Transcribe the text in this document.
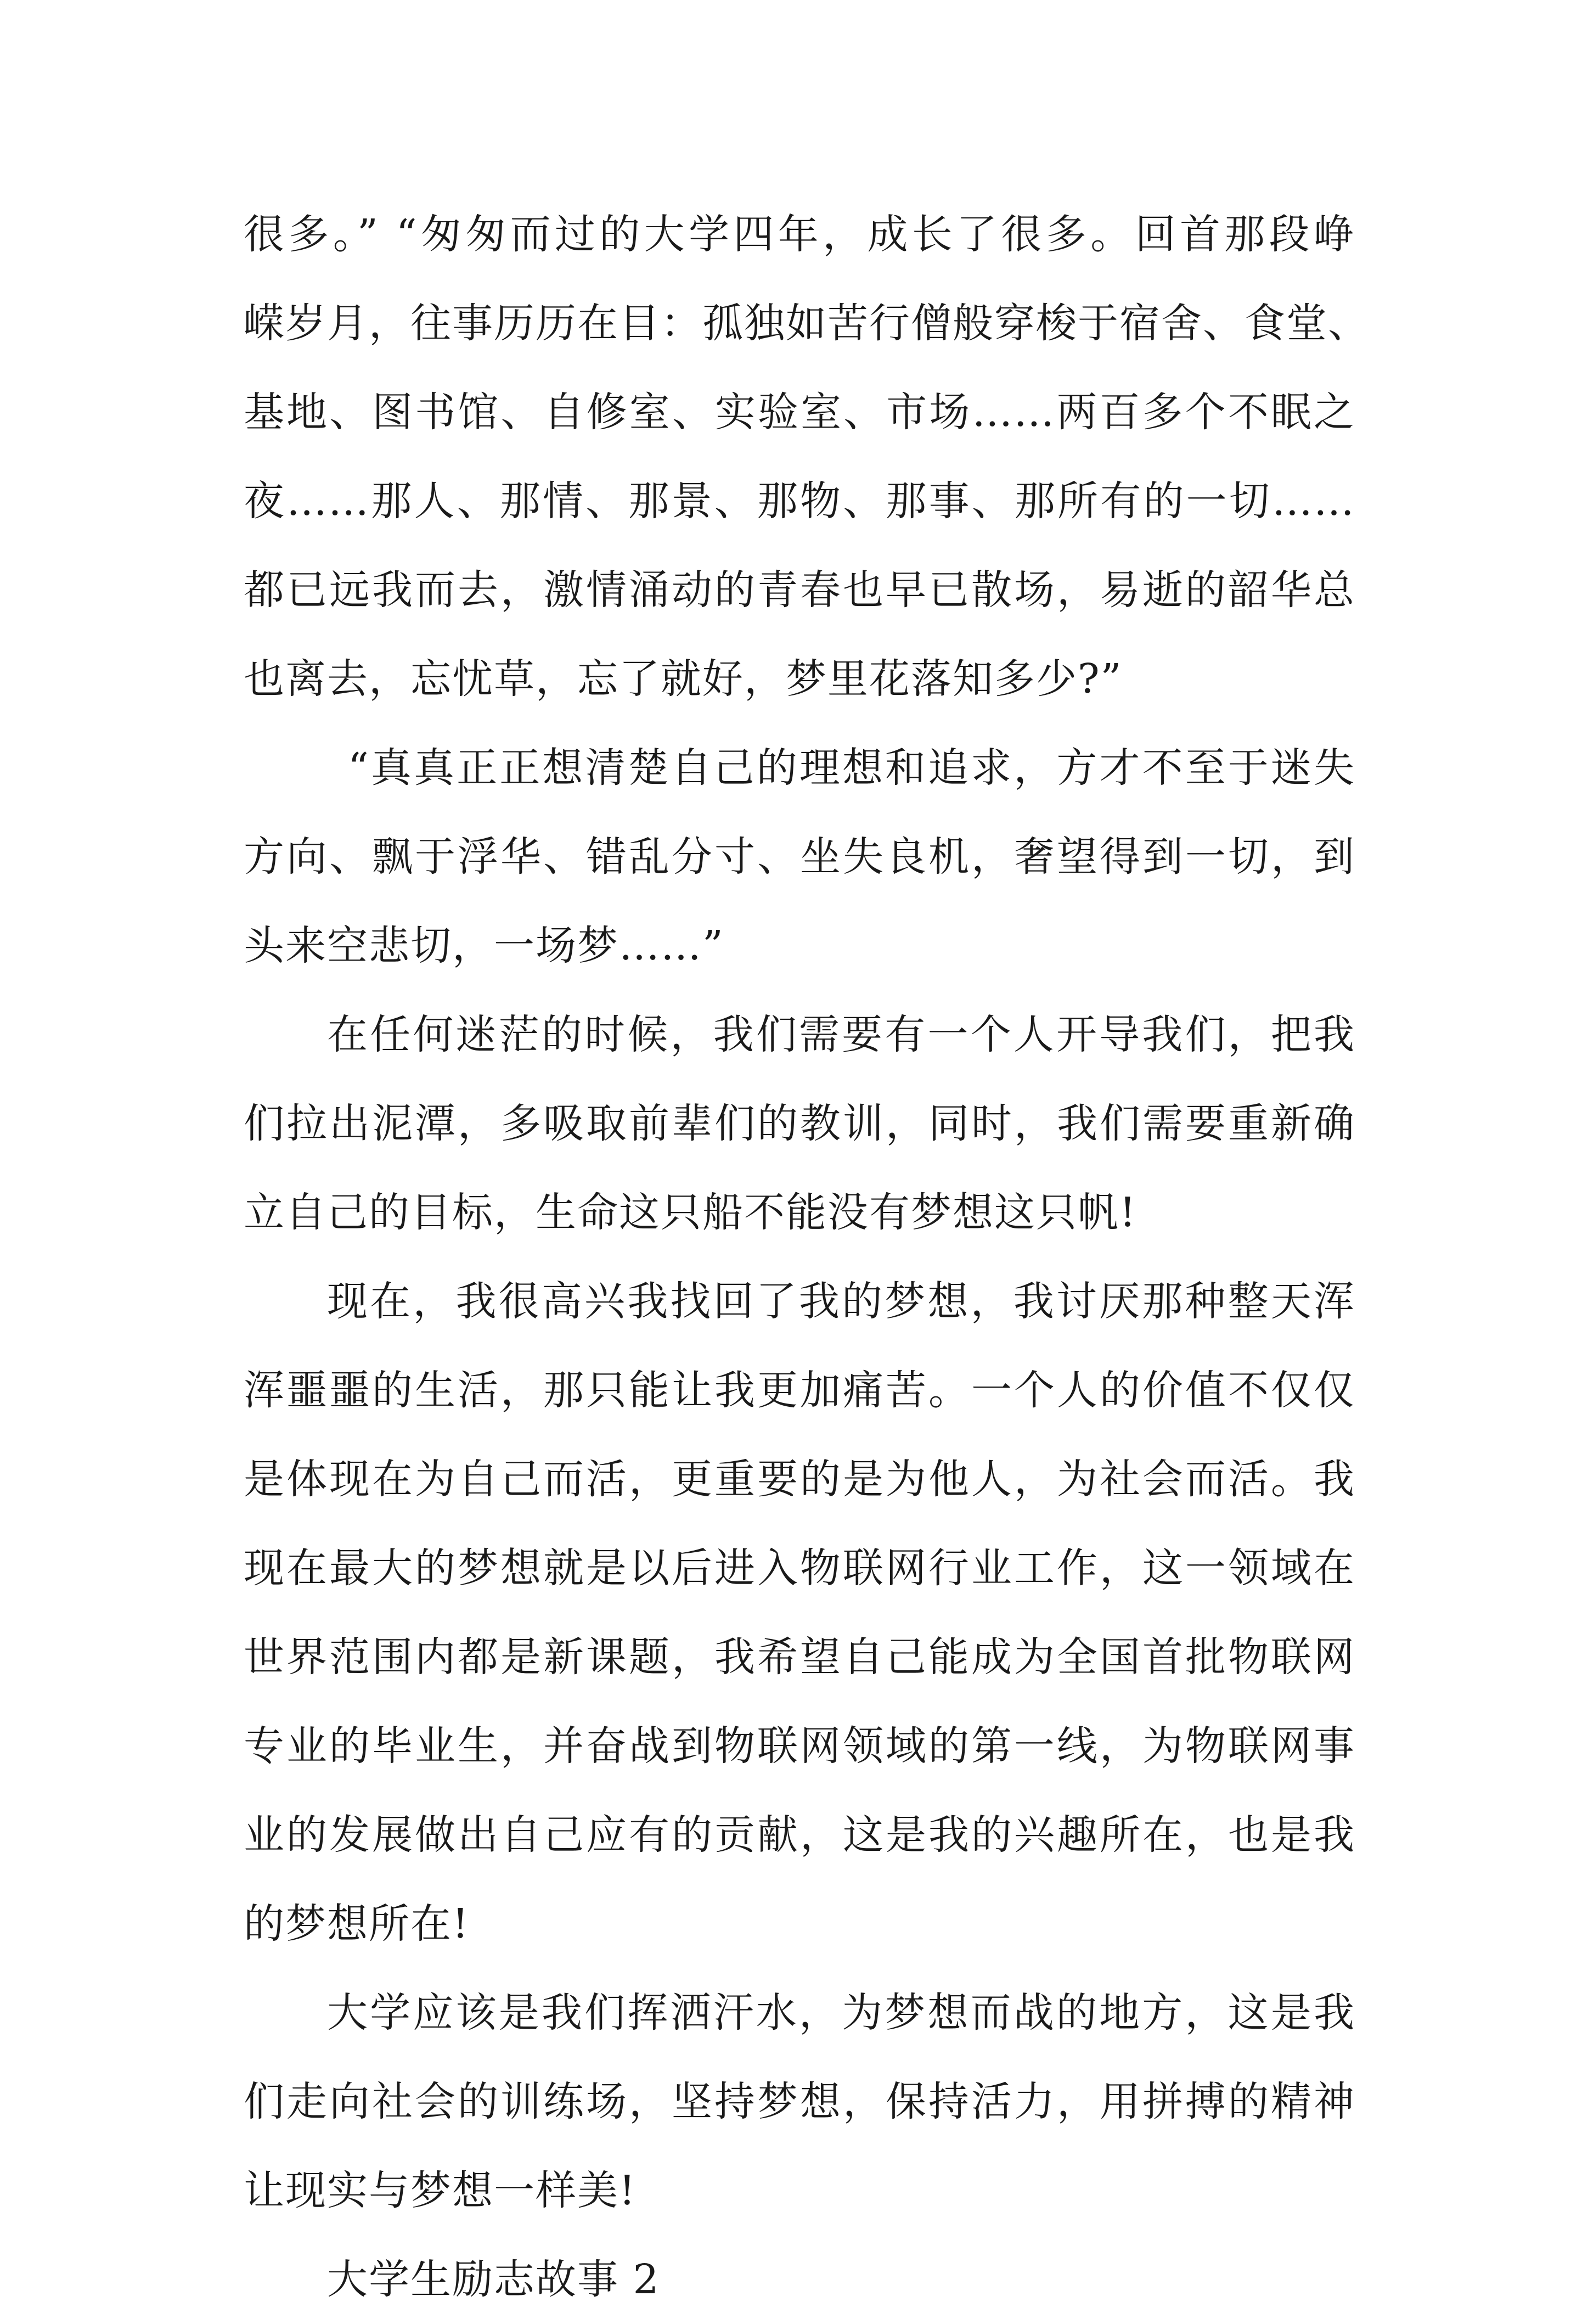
很多。” “匆匆而过的大学四年，成长了很多。回首那段峥
嵘岁月，往事历历在目：孤独如苦行僧般穿梭于宿舍、食堂、
基地、图书馆、自修室、实验室、市场……两百多个不眠之
夜……那人、那情、那景、那物、那事、那所有的一切……
都已远我而去，激情涌动的青春也早已散场，易逝的韶华总
也离去，忘忧草，忘了就好，梦里花落知多少?”
“真真正正想清楚自己的理想和追求，方才不至于迷失
方向、飘于浮华、错乱分寸、坐失良机，奢望得到一切，到
头来空悲切，一场梦……”
在任何迷茫的时候，我们需要有一个人开导我们，把我
们拉出泥潭，多吸取前辈们的教训，同时，我们需要重新确
立自己的目标，生命这只船不能没有梦想这只帆!
现在，我很高兴我找回了我的梦想，我讨厌那种整天浑
浑噩噩的生活，那只能让我更加痛苦。一个人的价值不仅仅
是体现在为自己而活，更重要的是为他人，为社会而活。我
现在最大的梦想就是以后进入物联网行业工作，这一领域在
世界范围内都是新课题，我希望自己能成为全国首批物联网
专业的毕业生，并奋战到物联网领域的第一线，为物联网事
业的发展做出自己应有的贡献，这是我的兴趣所在，也是我
的梦想所在!
大学应该是我们挥洒汗水，为梦想而战的地方，这是我
们走向社会的训练场，坚持梦想，保持活力，用拼搏的精神
让现实与梦想一样美!
大学生励志故事 2
